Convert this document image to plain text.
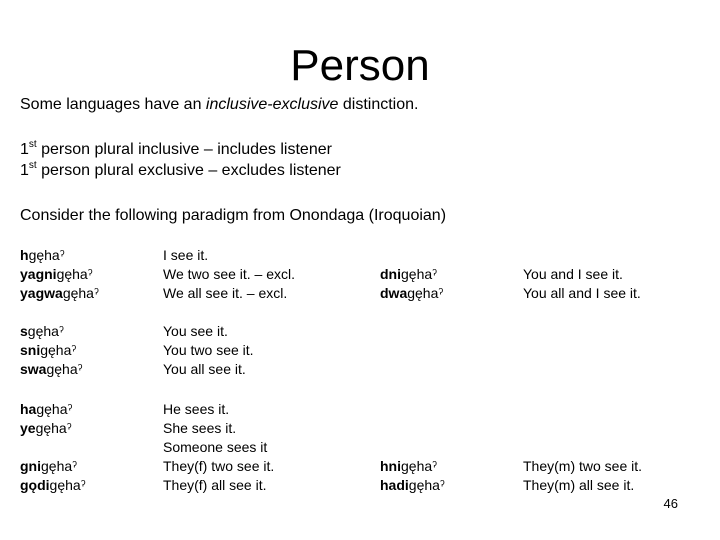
Person
Some languages have an inclusive-exclusive distinction.
1st person plural inclusive – includes listener
1st person plural exclusive – excludes listener
Consider the following paradigm from Onondaga (Iroquoian)
hgęhaˀ
yagnigęhaˀ
yagwagęhaˀ
I see it.
We two see it. – excl.
We all see it. – excl.
dnigęhaˀ
dwagęhaˀ
You and I see it.
You all and I see it.
sgęhaˀ
snigęhaˀ
swagęhaˀ
You see it.
You two see it.
You all see it.
hagęhaˀ
yegęhaˀ
gnigęhaˀ
gǫdigęhaˀ
He sees it.
She sees it.
Someone sees it
They(f) two see it.
They(f) all see it.
hnigęhaˀ
hadigęhaˀ
They(m) two see it.
They(m) all see it.
46
